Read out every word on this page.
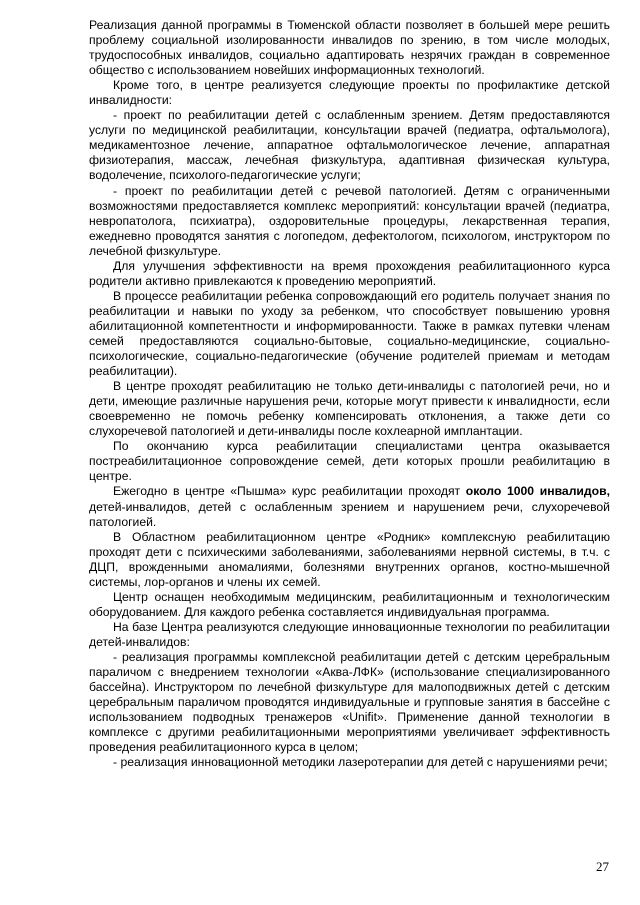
Реализация данной программы в Тюменской области позволяет в большей мере решить проблему социальной изолированности инвалидов по зрению, в том числе молодых, трудоспособных инвалидов, социально адаптировать незрячих граждан в современное общество с использованием новейших информационных технологий.

Кроме того, в центре реализуется следующие проекты по профилактике детской инвалидности:

- проект по реабилитации детей с ослабленным зрением. Детям предоставляются услуги по медицинской реабилитации, консультации врачей (педиатра, офтальмолога), медикаментозное лечение, аппаратное офтальмологическое лечение, аппаратная физиотерапия, массаж, лечебная физкультура, адаптивная физическая культура, водолечение, психолого-педагогические услуги;

- проект по реабилитации детей с речевой патологией. Детям с ограниченными возможностями предоставляется комплекс мероприятий: консультации врачей (педиатра, невропатолога, психиатра), оздоровительные процедуры, лекарственная терапия, ежедневно проводятся занятия с логопедом, дефектологом, психологом, инструктором по лечебной физкультуре.

Для улучшения эффективности на время прохождения реабилитационного курса родители активно привлекаются к проведению мероприятий.

В процессе реабилитации ребенка сопровождающий его родитель получает знания по реабилитации и навыки по уходу за ребенком, что способствует повышению уровня абилитационной компетентности и информированности. Также в рамках путевки членам семей предоставляются социально-бытовые, социально-медицинские, социально-психологические, социально-педагогические (обучение родителей приемам и методам реабилитации).

В центре проходят реабилитацию не только дети-инвалиды с патологией речи, но и дети, имеющие различные нарушения речи, которые могут привести к инвалидности, если своевременно не помочь ребенку компенсировать отклонения, а также дети со слухоречевой патологией и дети-инвалиды после кохлеарной имплантации.

По окончанию курса реабилитации специалистами центра оказывается постреабилитационное сопровождение семей, дети которых прошли реабилитацию в центре.

Ежегодно в центре «Пышма» курс реабилитации проходят около 1000 инвалидов, детей-инвалидов, детей с ослабленным зрением и нарушением речи, слухоречевой патологией.

В Областном реабилитационном центре «Родник» комплексную реабилитацию проходят дети с психическими заболеваниями, заболеваниями нервной системы, в т.ч. с ДЦП, врожденными аномалиями, болезнями внутренних органов, костно-мышечной системы, лор-органов и члены их семей.

Центр оснащен необходимым медицинским, реабилитационным и технологическим оборудованием. Для каждого ребенка составляется индивидуальная программа.

На базе Центра реализуются следующие инновационные технологии по реабилитации детей-инвалидов:

- реализация программы комплексной реабилитации детей с детским церебральным параличом с внедрением технологии «Аква-ЛФК» (использование специализированного бассейна). Инструктором по лечебной физкультуре для малоподвижных детей с детским церебральным параличом проводятся индивидуальные и групповые занятия в бассейне с использованием подводных тренажеров «Unifit». Применение данной технологии в комплексе с другими реабилитационными мероприятиями увеличивает эффективность проведения реабилитационного курса в целом;

- реализация инновационной методики лазеротерапии для детей с нарушениями речи;

27
